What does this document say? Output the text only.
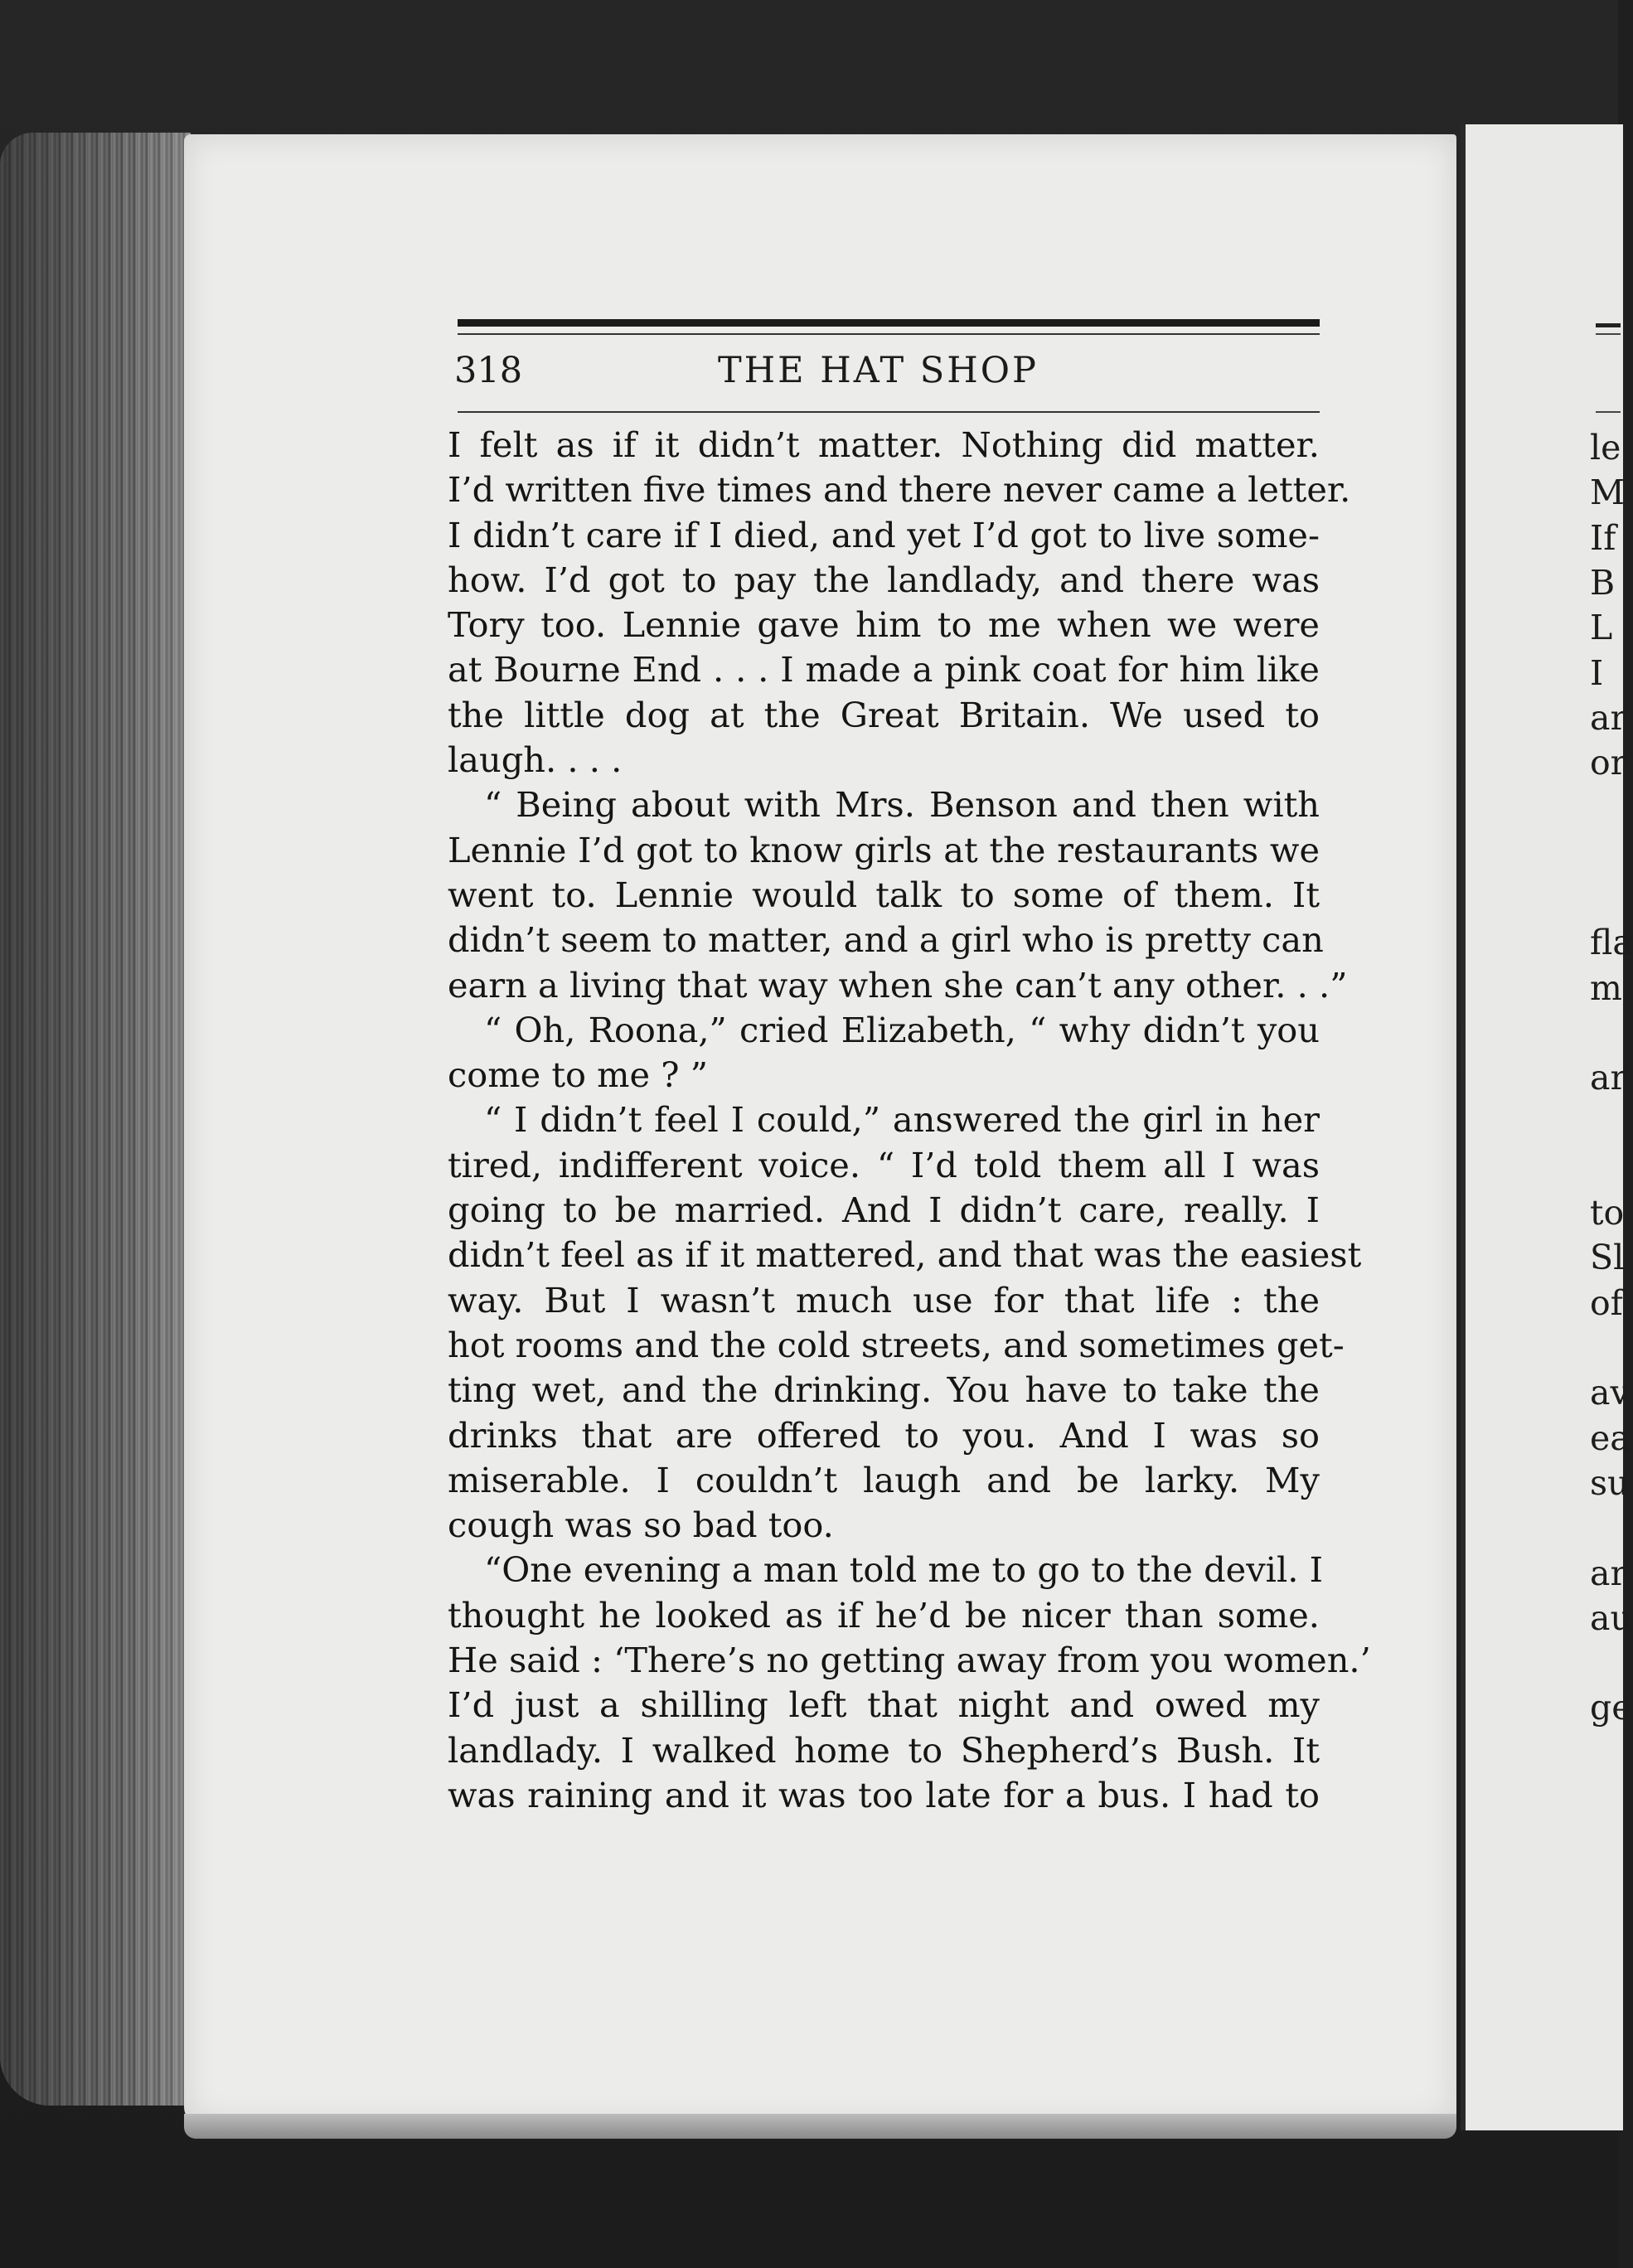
le
M
If
B
L
I
ar
or
fla
m
ar
to
Sl
of
av
ea
su
ar
au
ge
318	THE HAT SHOP
I felt as if it didn’t matter. Nothing did matter.
I’d written five times and there never came a letter.
I didn’t care if I died, and yet I’d got to live some-
how. I’d got to pay the landlady, and there was
Tory too. Lennie gave him to me when we were
at Bourne End . . . I made a pink coat for him like
the little dog at the Great Britain. We used to
laugh. . . .
“ Being about with Mrs. Benson and then with
Lennie I’d got to know girls at the restaurants we
went to. Lennie would talk to some of them. It
didn’t seem to matter, and a girl who is pretty can
earn a living that way when she can’t any other. . .”
“ Oh, Roona,” cried Elizabeth, “ why didn’t you
come to me ? ”
“ I didn’t feel I could,” answered the girl in her
tired, indifferent voice. “ I’d told them all I was
going to be married. And I didn’t care, really. I
didn’t feel as if it mattered, and that was the easiest
way. But I wasn’t much use for that life : the
hot rooms and the cold streets, and sometimes get-
ting wet, and the drinking. You have to take the
drinks that are offered to you. And I was so
miserable. I couldn’t laugh and be larky. My
cough was so bad too.
“One evening a man told me to go to the devil. I
thought he looked as if he’d be nicer than some.
He said : ‘There’s no getting away from you women.’
I’d just a shilling left that night and owed my
landlady. I walked home to Shepherd’s Bush. It
was raining and it was too late for a bus. I had to
